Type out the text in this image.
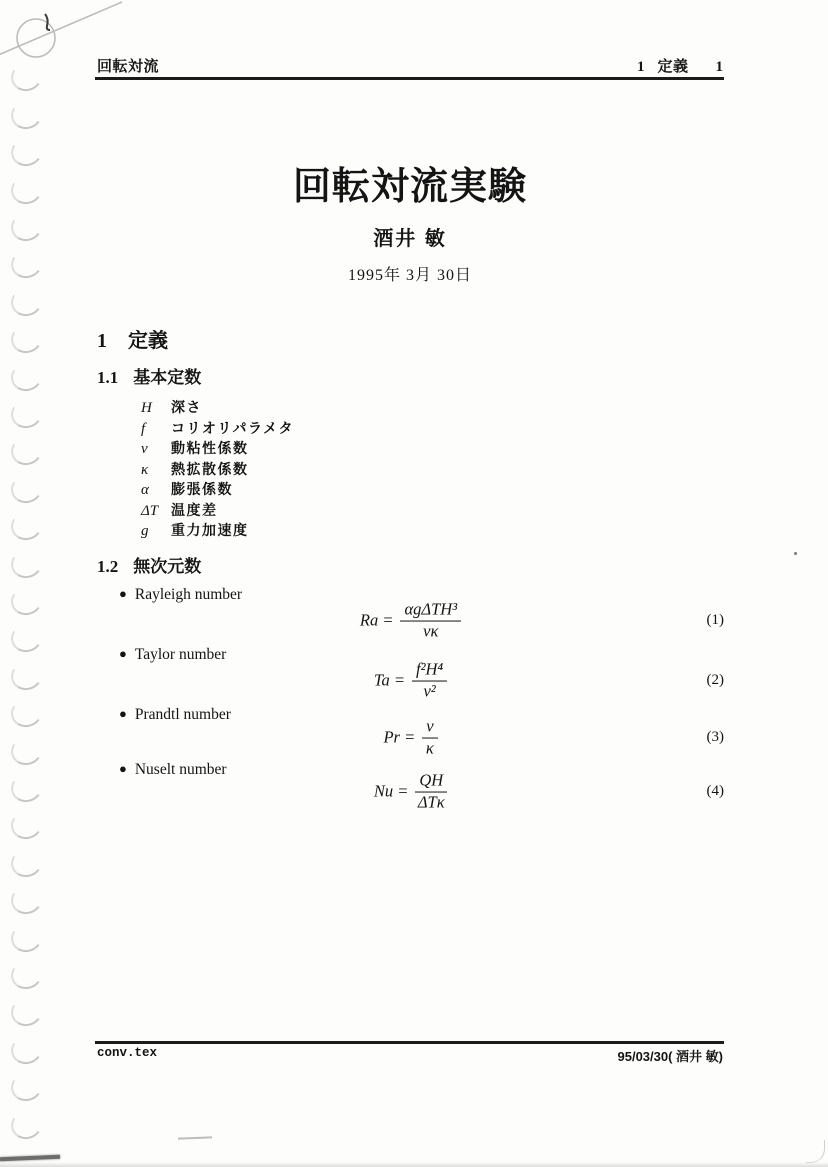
回転対流	1 定義 1
回転対流実験
酒井 敏
1995年 3月 30日
1 定義
1.1 基本定数
H 深さ
f コリオリパラメタ
ν 動粘性係数
κ 熱拡散係数
α 膨張係数
ΔT 温度差
g 重力加速度
1.2 無次元数
● Rayleigh number
$Ra = \frac{\text{αgΔTH³}}{\nu\kappa}$	(1)
● Taylor number
$Ta = \frac{\text{f²H⁴}}{\text{ν²}}$	(2)
● Prandtl number
$Pr = \frac{\nu}{\kappa}$	(3)
● Nuselt number
$Nu = \frac{QH}{\text{ΔTκ}}$	(4)
conv.tex	95/03/30( 酒井 敏)
